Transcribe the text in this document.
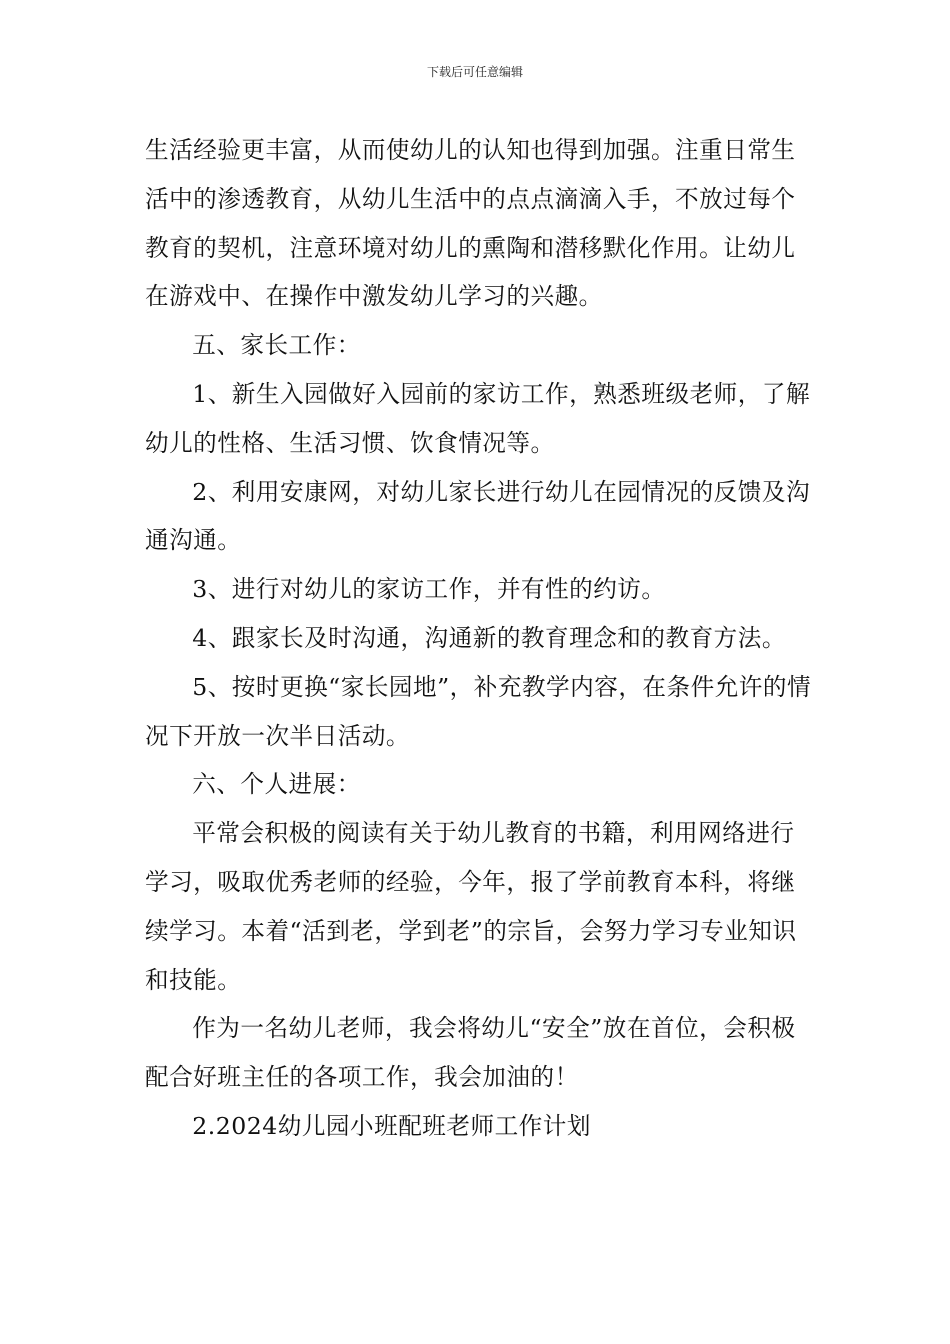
下载后可任意编辑

生活经验更丰富，从而使幼儿的认知也得到加强。注重日常生活中的渗透教育，从幼儿生活中的点点滴滴入手，不放过每个教育的契机，注意环境对幼儿的熏陶和潜移默化作用。让幼儿在游戏中、在操作中激发幼儿学习的兴趣。

五、家长工作：

1、新生入园做好入园前的家访工作，熟悉班级老师，了解幼儿的性格、生活习惯、饮食情况等。

2、利用安康网，对幼儿家长进行幼儿在园情况的反馈及沟通沟通。

3、进行对幼儿的家访工作，并有性的约访。

4、跟家长及时沟通，沟通新的教育理念和的教育方法。

5、按时更换“家长园地”，补充教学内容，在条件允许的情况下开放一次半日活动。

六、个人进展：

平常会积极的阅读有关于幼儿教育的书籍，利用网络进行学习，吸取优秀老师的经验，今年，报了学前教育本科，将继续学习。本着“活到老，学到老”的宗旨，会努力学习专业知识和技能。

作为一名幼儿老师，我会将幼儿“安全”放在首位，会积极配合好班主任的各项工作，我会加油的！

2.2024幼儿园小班配班老师工作计划
